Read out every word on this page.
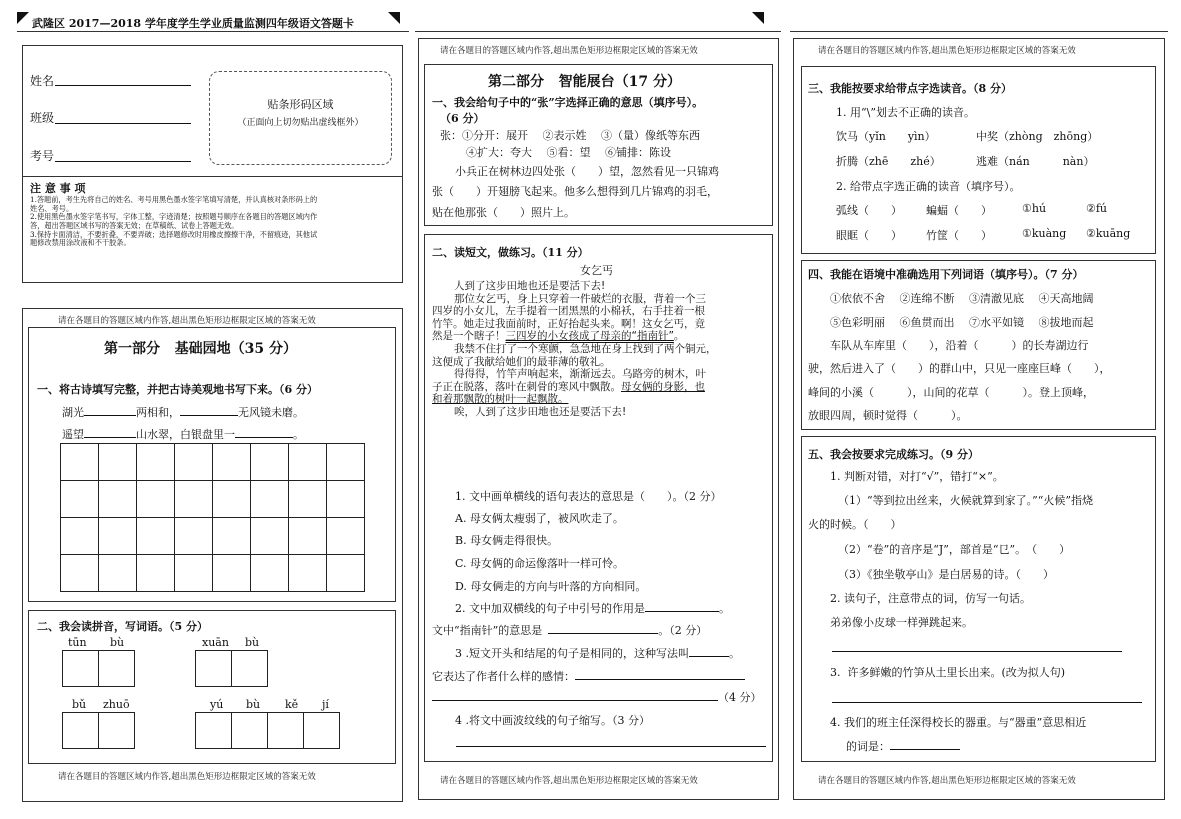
武隆区 2017—2018 学年度学生学业质量监测四年级语文答题卡
姓名
班级
考号
贴条形码区域
（正面向上切勿贴出虚线框外）
注 意 事 项
1.答题前，考生先将自己的姓名、考号用黑色墨水签字笔填写清楚，并认真核对条形码上的
姓名、考号。
2.使用黑色墨水签字笔书写，字体工整，字迹清楚；按照题号顺序在各题目的答题区域内作
答，超出答题区域书写的答案无效；在草稿纸、试卷上答题无效。
3.保持卡面清洁，不要折叠，不要弄破；选择题修改时用橡皮擦擦干净，不留痕迹，其他试
题修改禁用涂改液和不干胶条。
请在各题目的答题区域内作答,超出黑色矩形边框限定区域的答案无效
请在各题目的答题区域内作答,超出黑色矩形边框限定区域的答案无效
第一部分   基础园地（35 分）
一、将古诗填写完整，并把古诗美观地书写下来。（6 分）
湖光	两相和，	无风镜未磨。
遥望	山水翠，白银盘里一	。

二、我会读拼音，写词语。（5 分）
tūn bù	xuān bù
bǔ zhuō	yú bù kě jí
请在各题目的答题区域内作答,超出黑色矩形边框限定区域的答案无效
请在各题目的答题区域内作答,超出黑色矩形边框限定区域的答案无效
第二部分   智能展台（17 分）
一、我会给句子中的“张”字选择正确的意思（填序号）。
（6 分）
张：①分开：展开　 ②表示姓　 ③（量）像纸等东西
④扩大：夸大　 ⑤看：望　 ⑥铺排：陈设
小兵正在树林边四处张（　　）望，忽然看见一只锦鸡
张（　　）开翅膀飞起来。他多么想得到几片锦鸡的羽毛，
贴在他那张（　　）照片上。
二、读短文，做练习。（11 分）
女乞丐
人到了这步田地也还是要活下去!
那位女乞丐，身上只穿着一件破烂的衣服，背着一个三
四岁的小女儿，左手提着一团黑黑的小棉袄，右手拄着一根
竹竿。她走过我面前时，正好抬起头来。啊！这女乞丐，竟
然是一个瞎子！三四岁的小女孩成了母亲的“指南针”。
我禁不住打了一个寒颤，急急地在身上找到了两个铜元，
这便成了我献给她们的最菲薄的敬礼。
得得得，竹竿声响起来，渐渐远去。乌路旁的树木，叶
子正在脱落，落叶在刺骨的寒风中飘散。母女俩的身影，也
和着那飘散的树叶一起飘散。
唉，人到了这步田地也还是要活下去!
1. 文中画单横线的语句表达的意思是（　　）。（2 分）
A. 母女俩太瘦弱了，被风吹走了。
B. 母女俩走得很快。
C. 母女俩的命运像落叶一样可怜。
D. 母女俩走的方向与叶落的方向相同。
2. 文中加双横线的句子中引号的作用是	。
文中“指南针”的意思是	。（2 分）
3 .短文开头和结尾的句子是相同的，这种写法叫	。
它表达了作者什么样的感情：
（4 分）
4 .将文中画波纹线的句子缩写。（3 分）
请在各题目的答题区域内作答,超出黑色矩形边框限定区域的答案无效
请在各题目的答题区域内作答,超出黑色矩形边框限定区域的答案无效
三、我能按要求给带点字选读音。（8 分）
1. 用“\”划去不正确的读音。
饮马（yǐn　　yìn）	中奖（zhòng　zhōng）
折腾（zhē　　zhé）	逃难（nán　　　nàn）
2. 给带点字选正确的读音（填序号）。
弧线（　　） 蝙蝠（　　）	①hú	②fú
眼眶（　　） 竹筐（　　）	①kuàng ②kuāng
四、我能在语境中准确选用下列词语（填序号）。（7 分）
①依依不舍　 ②连绵不断　 ③清澈见底　 ④天高地阔
⑤色彩明丽　 ⑥鱼贯而出　 ⑦水平如镜　 ⑧拔地而起
车队从车库里（　　），沿着（　　　）的长寿湖边行
驶，然后进入了（　　）的群山中，只见一座座巨峰（　　），
峰间的小溪（　　　），山间的花草（　　　）。登上顶峰，
放眼四周，顿时觉得（　　　）。
五、我会按要求完成练习。（9 分）
1. 判断对错，对打“√”，错打“×”。
（1）“等到拉出丝来，火候就算到家了。”“火候”指烧
火的时候。（　　）
（2）“卷”的音序是“J”，部首是“㔾”。　（　　）
（3）《独坐敬亭山》是白居易的诗。（　　）
2. 读句子，注意带点的词，仿写一句话。
弟弟像小皮球一样弹跳起来。
3.  许多鲜嫩的竹笋从土里长出来。(改为拟人句)
4. 我们的班主任深得校长的器重。与“器重”意思相近
的词是：
